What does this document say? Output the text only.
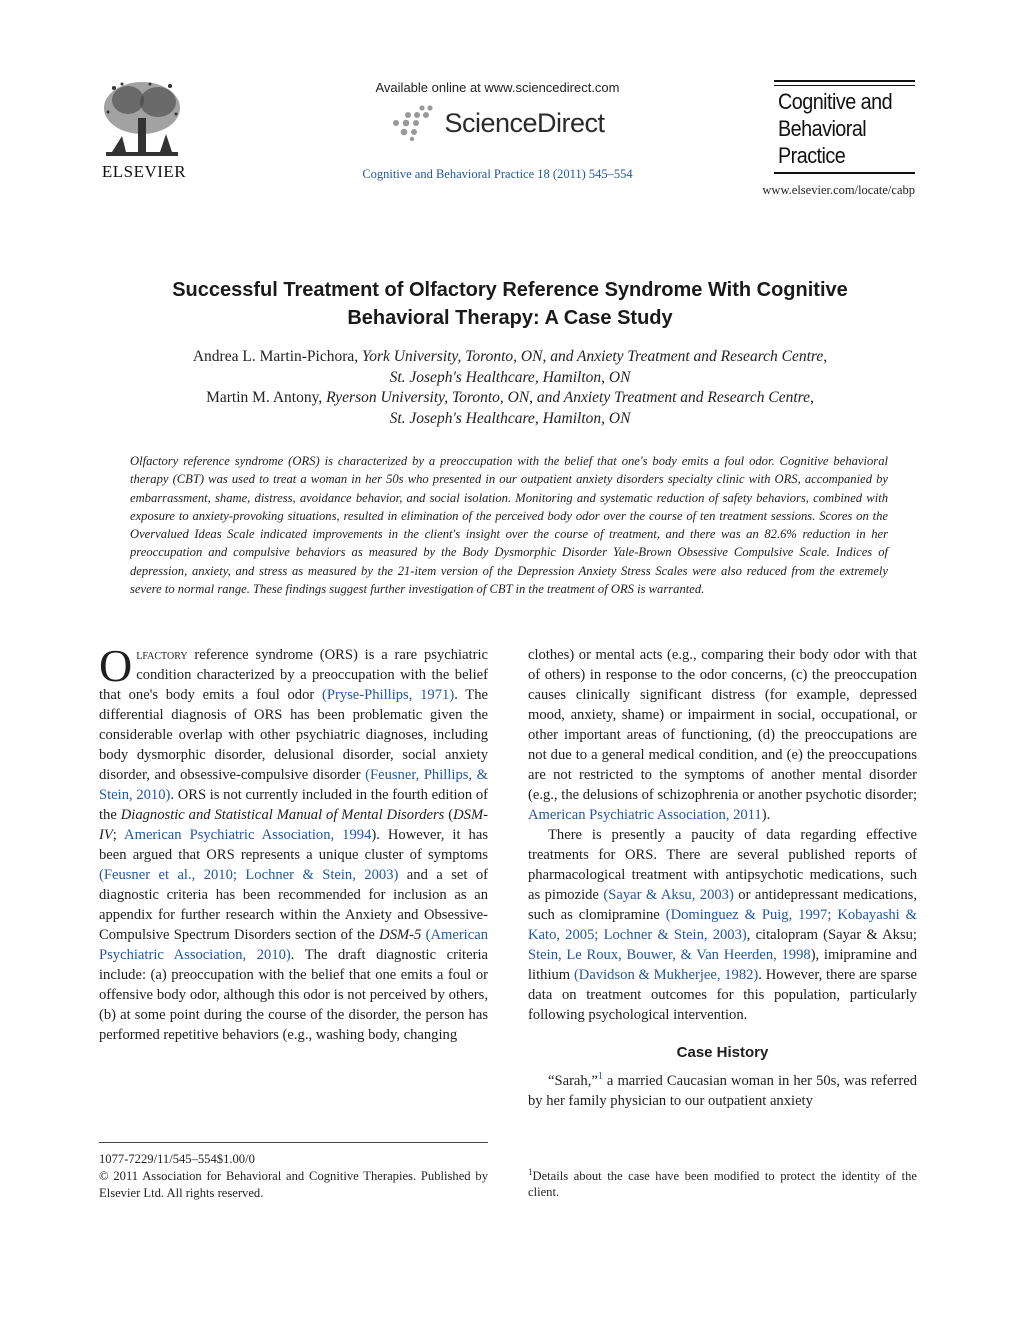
ELSEVIER
Available online at www.sciencedirect.com
ScienceDirect
Cognitive and Behavioral Practice 18 (2011) 545–554
Cognitive and
Behavioral
Practice
www.elsevier.com/locate/cabp
Successful Treatment of Olfactory Reference Syndrome With Cognitive
Behavioral Therapy: A Case Study
Andrea L. Martin-Pichora, York University, Toronto, ON, and Anxiety Treatment and Research Centre,
St. Joseph's Healthcare, Hamilton, ON
Martin M. Antony, Ryerson University, Toronto, ON, and Anxiety Treatment and Research Centre,
St. Joseph's Healthcare, Hamilton, ON
Olfactory reference syndrome (ORS) is characterized by a preoccupation with the belief that one's body emits a foul odor. Cognitive behavioral therapy (CBT) was used to treat a woman in her 50s who presented in our outpatient anxiety disorders specialty clinic with ORS, accompanied by embarrassment, shame, distress, avoidance behavior, and social isolation. Monitoring and systematic reduction of safety behaviors, combined with exposure to anxiety-provoking situations, resulted in elimination of the perceived body odor over the course of ten treatment sessions. Scores on the Overvalued Ideas Scale indicated improvements in the client's insight over the course of treatment, and there was an 82.6% reduction in her preoccupation and compulsive behaviors as measured by the Body Dysmorphic Disorder Yale-Brown Obsessive Compulsive Scale. Indices of depression, anxiety, and stress as measured by the 21-item version of the Depression Anxiety Stress Scales were also reduced from the extremely severe to normal range. These findings suggest further investigation of CBT in the treatment of ORS is warranted.

Olfactory reference syndrome (ORS) is a rare psychiatric condition characterized by a preoccupation with the belief that one's body emits a foul odor (Pryse-Phillips, 1971). The differential diagnosis of ORS has been problematic given the considerable overlap with other psychiatric diagnoses, including body dysmorphic disorder, delusional disorder, social anxiety disorder, and obsessive-compulsive disorder (Feusner, Phillips, & Stein, 2010). ORS is not currently included in the fourth edition of the Diagnostic and Statistical Manual of Mental Disorders (DSM-IV; American Psychiatric Association, 1994). However, it has been argued that ORS represents a unique cluster of symptoms (Feusner et al., 2010; Lochner & Stein, 2003) and a set of diagnostic criteria has been recommended for inclusion as an appendix for further research within the Anxiety and Obsessive-Compulsive Spectrum Disorders section of the DSM-5 (American Psychiatric Association, 2010). The draft diagnostic criteria include: (a) preoccupation with the belief that one emits a foul or offensive body odor, although this odor is not perceived by others, (b) at some point during the course of the disorder, the person has performed repetitive behaviors (e.g., washing body, changing

clothes) or mental acts (e.g., comparing their body odor with that of others) in response to the odor concerns, (c) the preoccupation causes clinically significant distress (for example, depressed mood, anxiety, shame) or impairment in social, occupational, or other important areas of functioning, (d) the preoccupations are not due to a general medical condition, and (e) the preoccupations are not restricted to the symptoms of another mental disorder (e.g., the delusions of schizophrenia or another psychotic disorder; American Psychiatric Association, 2011).

There is presently a paucity of data regarding effective treatments for ORS. There are several published reports of pharmacological treatment with antipsychotic medications, such as pimozide (Sayar & Aksu, 2003) or antidepressant medications, such as clomipramine (Dominguez & Puig, 1997; Kobayashi & Kato, 2005; Lochner & Stein, 2003), citalopram (Sayar & Aksu; Stein, Le Roux, Bouwer, & Van Heerden, 1998), imipramine and lithium (Davidson & Mukherjee, 1982). However, there are sparse data on treatment outcomes for this population, particularly following psychological intervention.

Case History

“Sarah,”$^1$ a married Caucasian woman in her 50s, was referred by her family physician to our outpatient anxiety

1077-7229/11/545–554$1.00/0
© 2011 Association for Behavioral and Cognitive Therapies. Published by Elsevier Ltd. All rights reserved.
$^1$Details about the case have been modified to protect the identity of the client.
